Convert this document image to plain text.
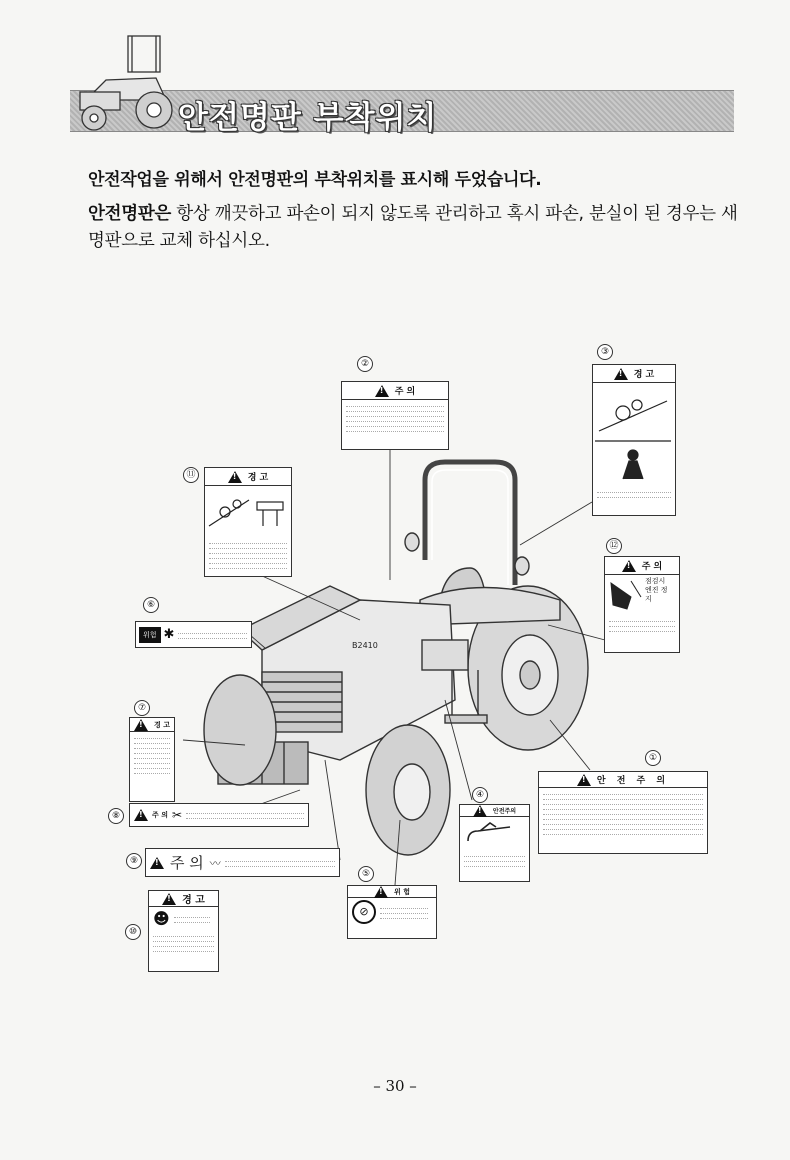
안전명판 부착위치
안전작업을 위해서 안전명판의 부착위치를 표시해 두었습니다.
안전명판은 항상 깨끗하고 파손이 되지 않도록 관리하고 혹시 파손, 분실이 된 경우는 새명판으로 교체 하십시오.
B2410
①
②
③
④
⑤
⑥
⑦
⑧
⑨
⑩
⑪
⑫
!
주 의
!
경 고
!
경 고
!
주 의
점검시 엔진 정지
위험 ✱
!
경 고
!
주 의 ✂
!
주 의 〰
!
경 고
☻
!
위 험
⊘
!
안전주의
!
안 전 주 의
– 30 –
